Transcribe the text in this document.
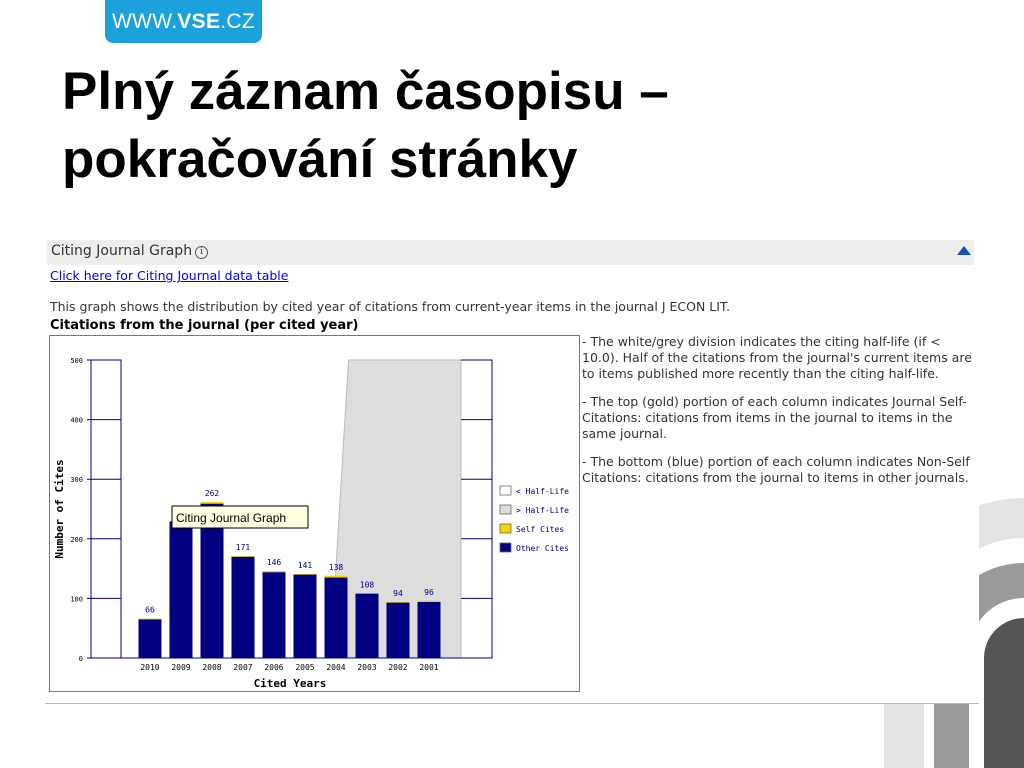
WWW. VSE .CZ
Plný záznam časopisu –
pokračování stránky
Citing Journal Graph i
Click here for Citing Journal data table
This graph shows the distribution by cited year of citations from current-year items in the journal J ECON LIT.
Citations from the journal (per cited year)
0
100
200
300
400
500
66
2010 2009
262
2008
171
2007
146
2006
141
2005
138
2004
108
2003
94
2002
96
2001
Cited Years
Number of Cites	< Half-Life
> Half-Life
Self Cites
Other Cites
Citing Journal Graph

- The white/grey division indicates the citing half-life (if < 10.0). Half of the citations from the journal's current items are to items published more recently than the citing half-life.

- The top (gold) portion of each column indicates Journal Self-Citations: citations from items in the journal to items in the same journal.

- The bottom (blue) portion of each column indicates Non-Self Citations: citations from the journal to items in other journals.
